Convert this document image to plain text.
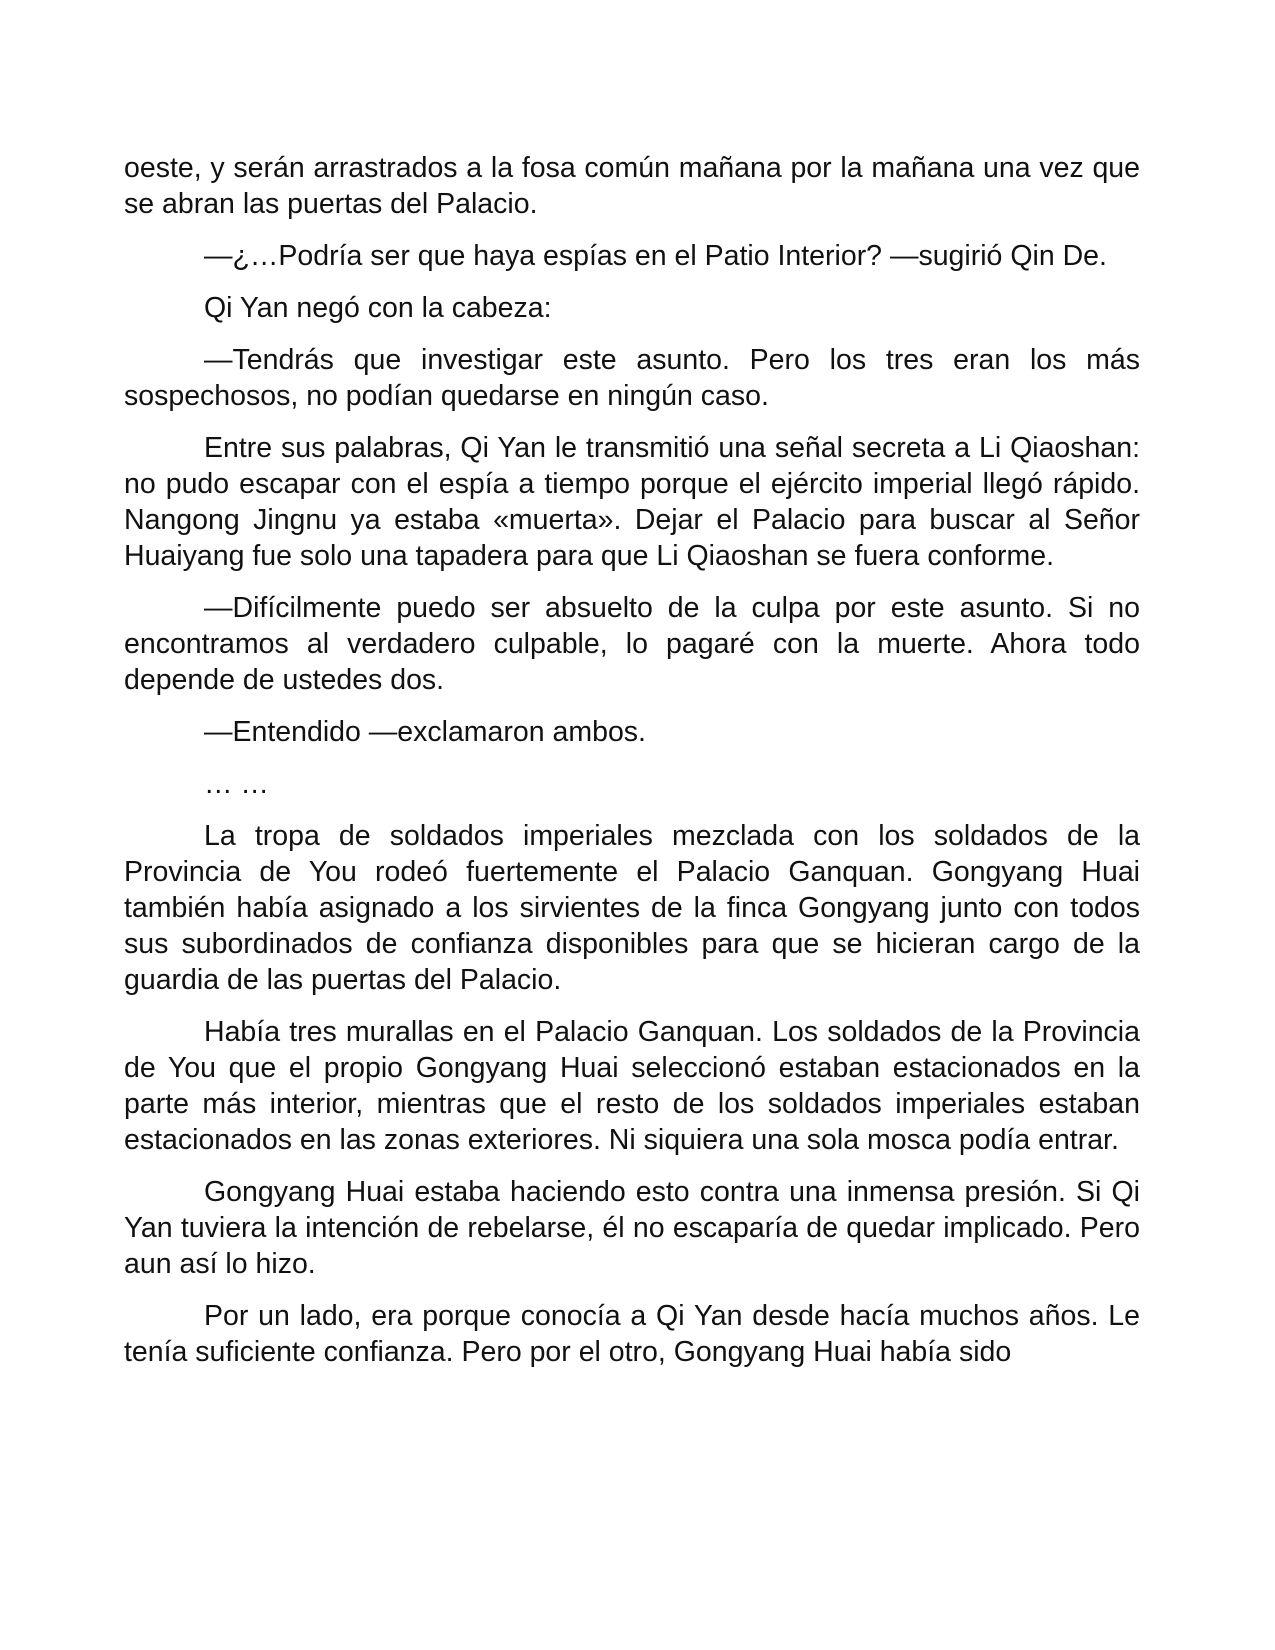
oeste, y serán arrastrados a la fosa común mañana por la mañana una vez que se abran las puertas del Palacio.

—¿…Podría ser que haya espías en el Patio Interior? —sugirió Qin De.

Qi Yan negó con la cabeza:

—Tendrás que investigar este asunto. Pero los tres eran los más sospechosos, no podían quedarse en ningún caso.

Entre sus palabras, Qi Yan le transmitió una señal secreta a Li Qiaoshan: no pudo escapar con el espía a tiempo porque el ejército imperial llegó rápido. Nangong Jingnu ya estaba «muerta». Dejar el Palacio para buscar al Señor Huaiyang fue solo una tapadera para que Li Qiaoshan se fuera conforme.

—Difícilmente puedo ser absuelto de la culpa por este asunto. Si no encontramos al verdadero culpable, lo pagaré con la muerte. Ahora todo depende de ustedes dos.

—Entendido —exclamaron ambos.

… …

La tropa de soldados imperiales mezclada con los soldados de la Provincia de You rodeó fuertemente el Palacio Ganquan. Gongyang Huai también había asignado a los sirvientes de la finca Gongyang junto con todos sus subordinados de confianza disponibles para que se hicieran cargo de la guardia de las puertas del Palacio.

Había tres murallas en el Palacio Ganquan. Los soldados de la Provincia de You que el propio Gongyang Huai seleccionó estaban estacionados en la parte más interior, mientras que el resto de los soldados imperiales estaban estacionados en las zonas exteriores. Ni siquiera una sola mosca podía entrar.

Gongyang Huai estaba haciendo esto contra una inmensa presión. Si Qi Yan tuviera la intención de rebelarse, él no escaparía de quedar implicado. Pero aun así lo hizo.

Por un lado, era porque conocía a Qi Yan desde hacía muchos años. Le tenía suficiente confianza. Pero por el otro, Gongyang Huai había sido
